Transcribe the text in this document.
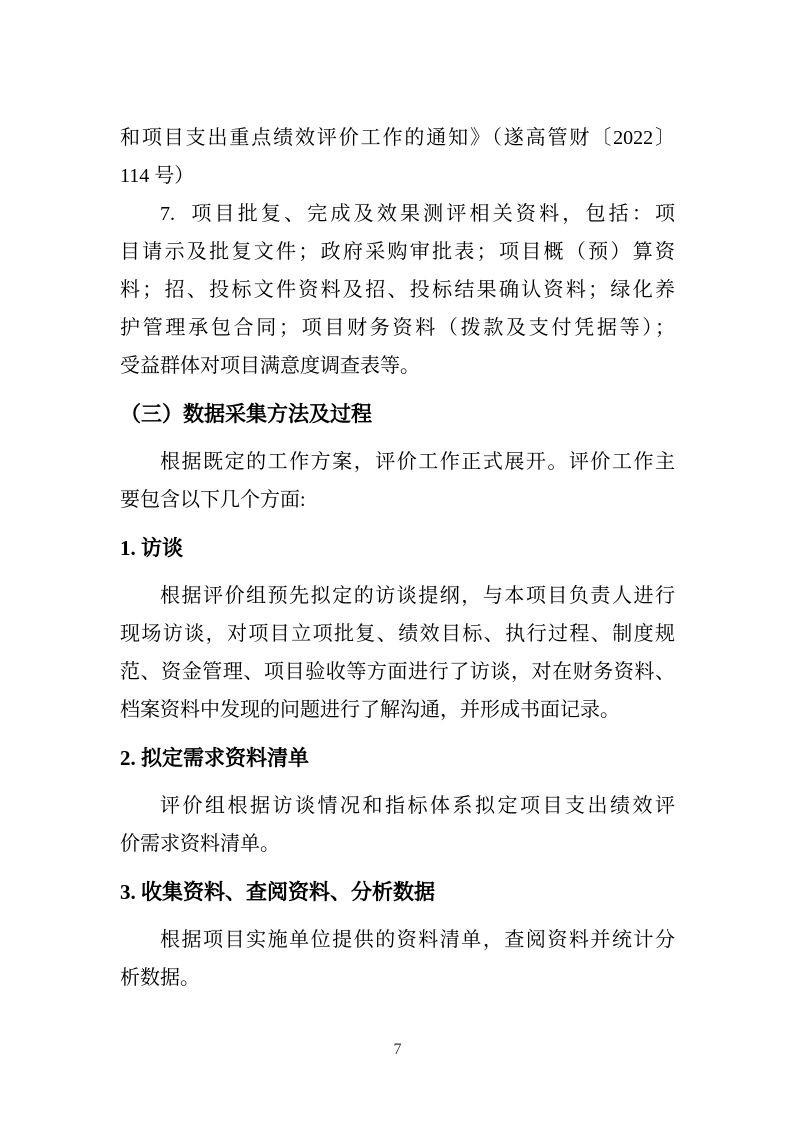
和项目支出重点绩效评价工作的通知》（遂高管财〔2022〕
114 号）
7.  项目批复、完成及效果测评相关资料，包括：项
目请示及批复文件；政府采购审批表；项目概（预）算资
料；招、投标文件资料及招、投标结果确认资料；绿化养
护管理承包合同；项目财务资料（拨款及支付凭据等）；
受益群体对项目满意度调查表等。
（三）数据采集方法及过程
根据既定的工作方案，评价工作正式展开。评价工作主
要包含以下几个方面:
1. 访谈
根据评价组预先拟定的访谈提纲，与本项目负责人进行
现场访谈，对项目立项批复、绩效目标、执行过程、制度规
范、资金管理、项目验收等方面进行了访谈，对在财务资料、
档案资料中发现的问题进行了解沟通，并形成书面记录。
2. 拟定需求资料清单
评价组根据访谈情况和指标体系拟定项目支出绩效评
价需求资料清单。
3. 收集资料、查阅资料、分析数据
根据项目实施单位提供的资料清单，查阅资料并统计分
析数据。
7
